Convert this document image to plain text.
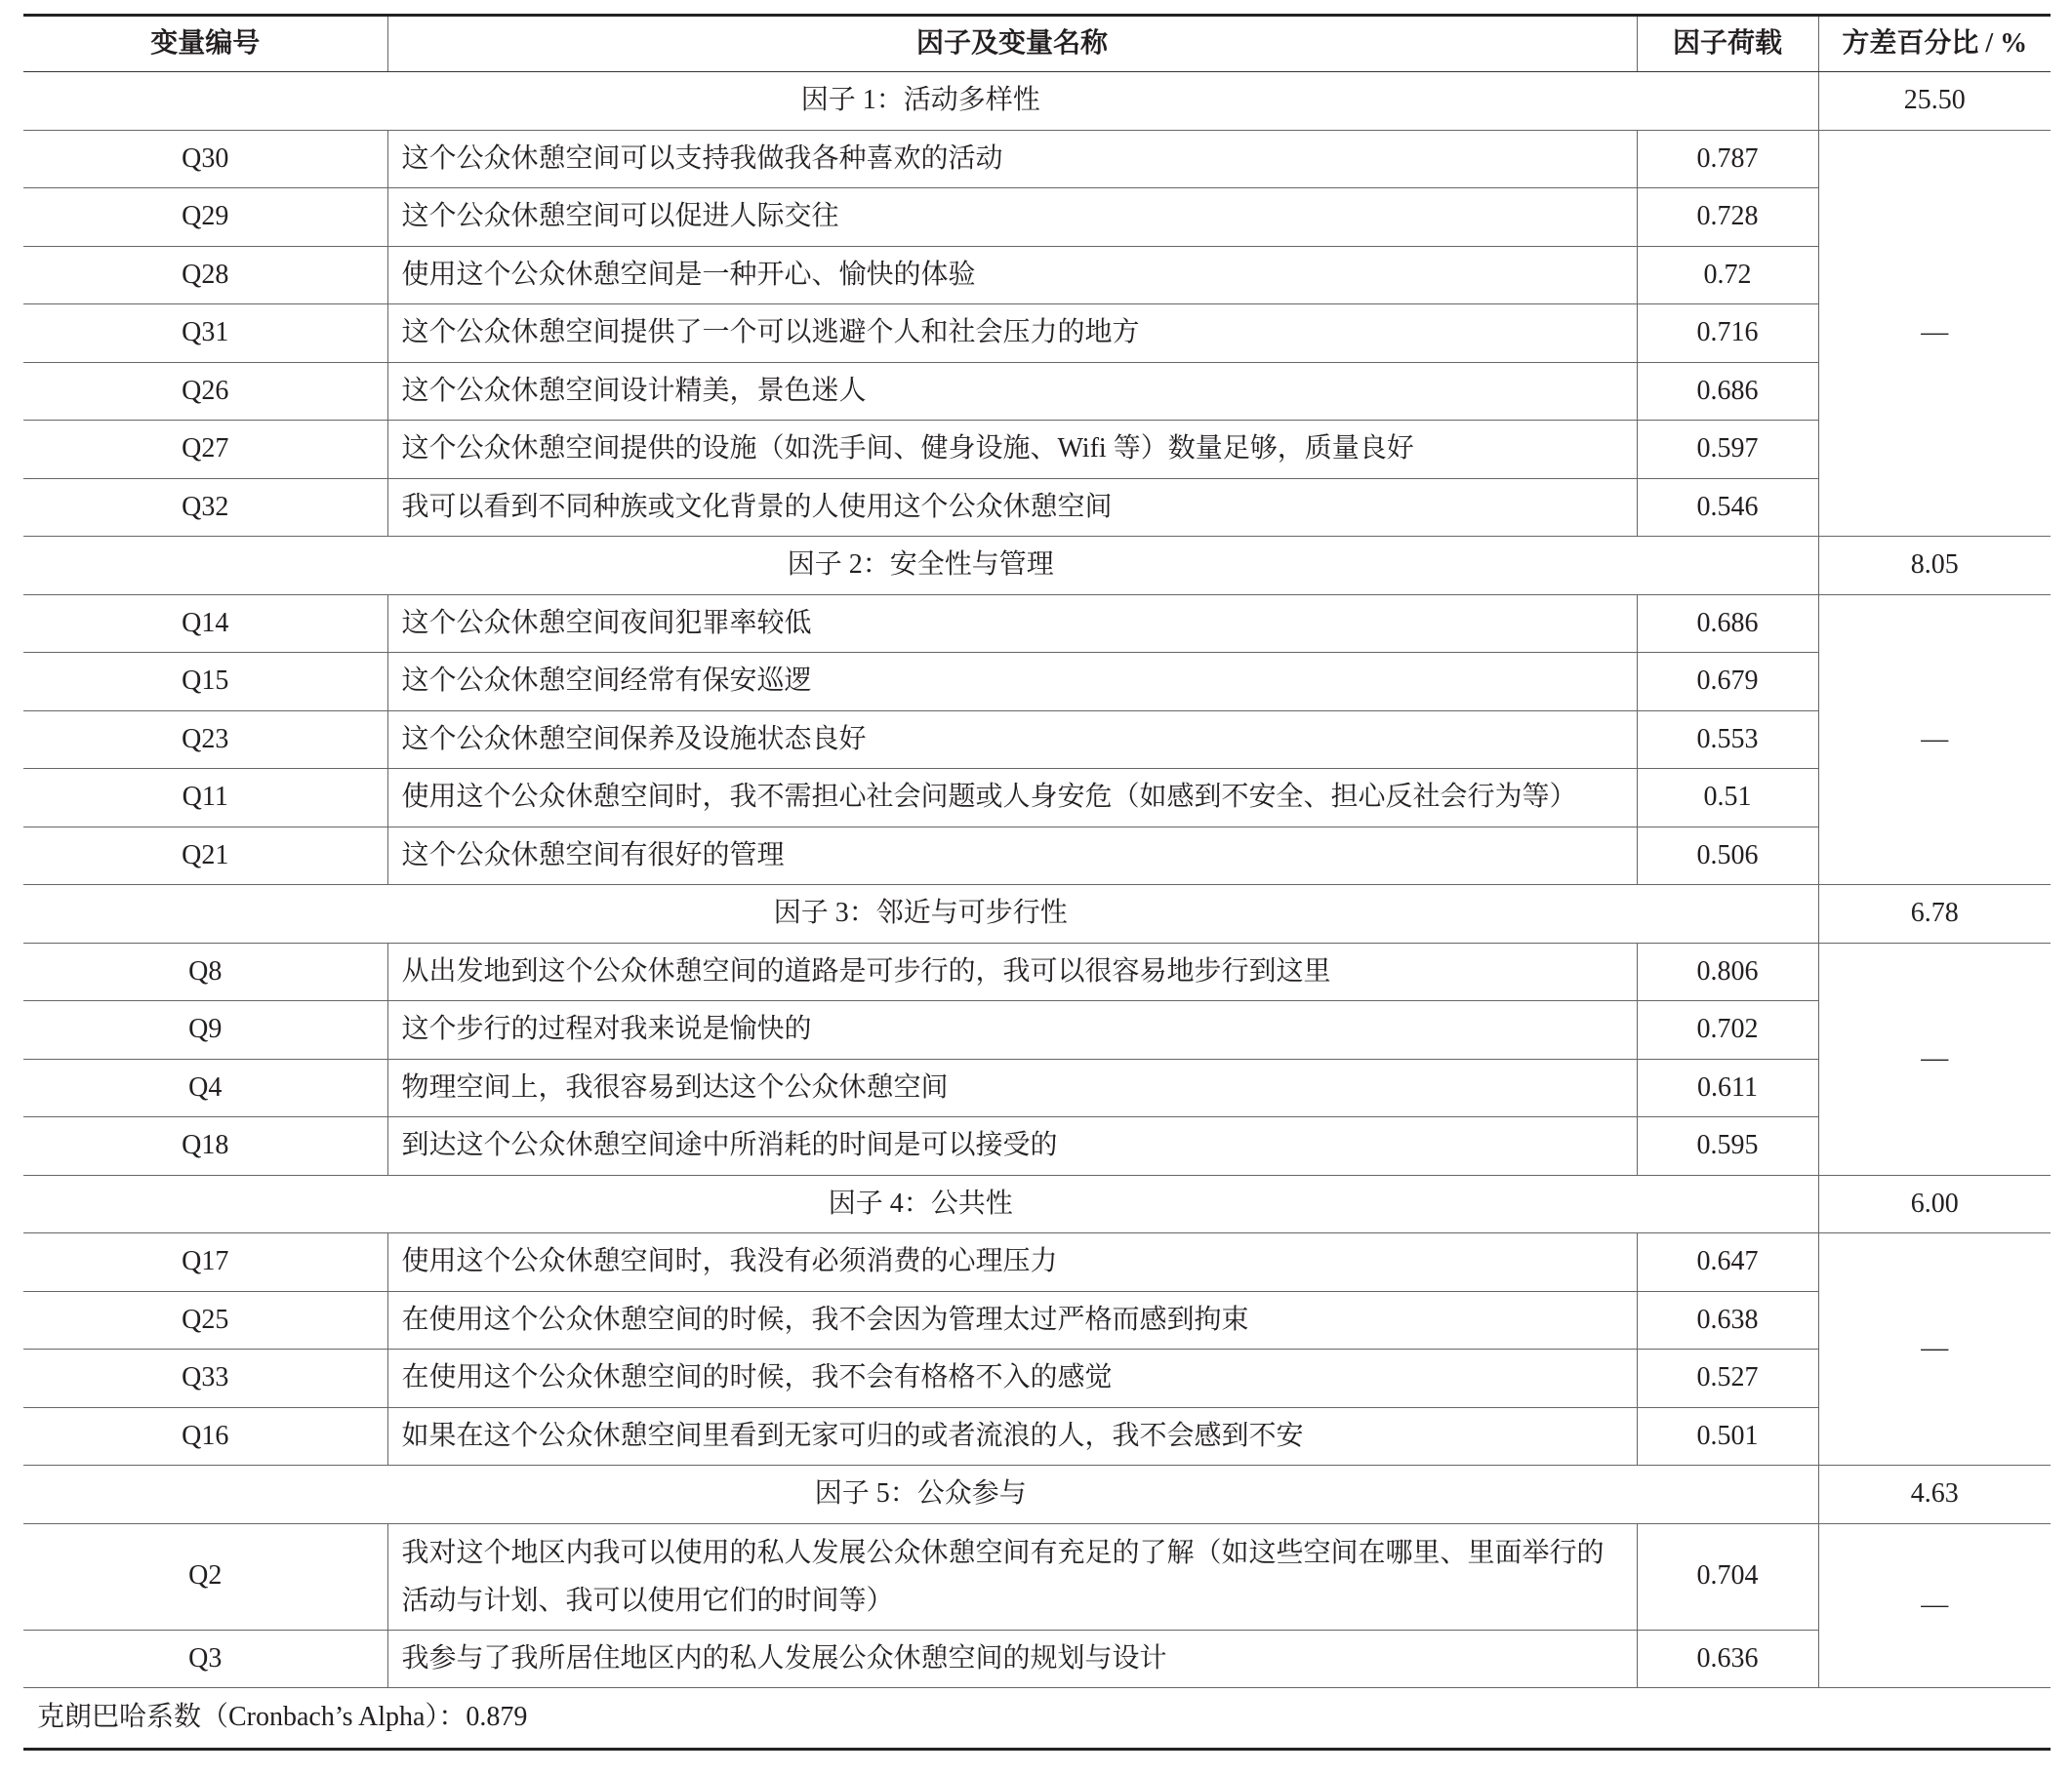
变量编号	因子及变量名称	因子荷载	方差百分比 / %
因子 1：活动多样性			25.50
Q30	这个公众休憩空间可以支持我做我各种喜欢的活动	0.787	—
Q29	这个公众休憩空间可以促进人际交往	0.728	
Q28	使用这个公众休憩空间是一种开心、愉快的体验	0.72	
Q31	这个公众休憩空间提供了一个可以逃避个人和社会压力的地方	0.716	
Q26	这个公众休憩空间设计精美，景色迷人	0.686	
Q27	这个公众休憩空间提供的设施（如洗手间、健身设施、Wifi 等）数量足够，质量良好	0.597	
Q32	我可以看到不同种族或文化背景的人使用这个公众休憩空间	0.546	
因子 2：安全性与管理			8.05
Q14	这个公众休憩空间夜间犯罪率较低	0.686	—
Q15	这个公众休憩空间经常有保安巡逻	0.679	
Q23	这个公众休憩空间保养及设施状态良好	0.553	
Q11	使用这个公众休憩空间时，我不需担心社会问题或人身安危（如感到不安全、担心反社会行为等）	0.51	
Q21	这个公众休憩空间有很好的管理	0.506	
因子 3：邻近与可步行性			6.78
Q8	从出发地到这个公众休憩空间的道路是可步行的，我可以很容易地步行到这里	0.806	—
Q9	这个步行的过程对我来说是愉快的	0.702	
Q4	物理空间上，我很容易到达这个公众休憩空间	0.611	
Q18	到达这个公众休憩空间途中所消耗的时间是可以接受的	0.595	
因子 4：公共性			6.00
Q17	使用这个公众休憩空间时，我没有必须消费的心理压力	0.647	—
Q25	在使用这个公众休憩空间的时候，我不会因为管理太过严格而感到拘束	0.638	
Q33	在使用这个公众休憩空间的时候，我不会有格格不入的感觉	0.527	
Q16	如果在这个公众休憩空间里看到无家可归的或者流浪的人，我不会感到不安	0.501	
因子 5：公众参与			4.63
Q2	我对这个地区内我可以使用的私人发展公众休憩空间有充足的了解（如这些空间在哪里、里面举行的活动与计划、我可以使用它们的时间等）	0.704	—
Q3	我参与了我所居住地区内的私人发展公众休憩空间的规划与设计	0.636	
克朗巴哈系数（Cronbach’s Alpha）：0.879			
